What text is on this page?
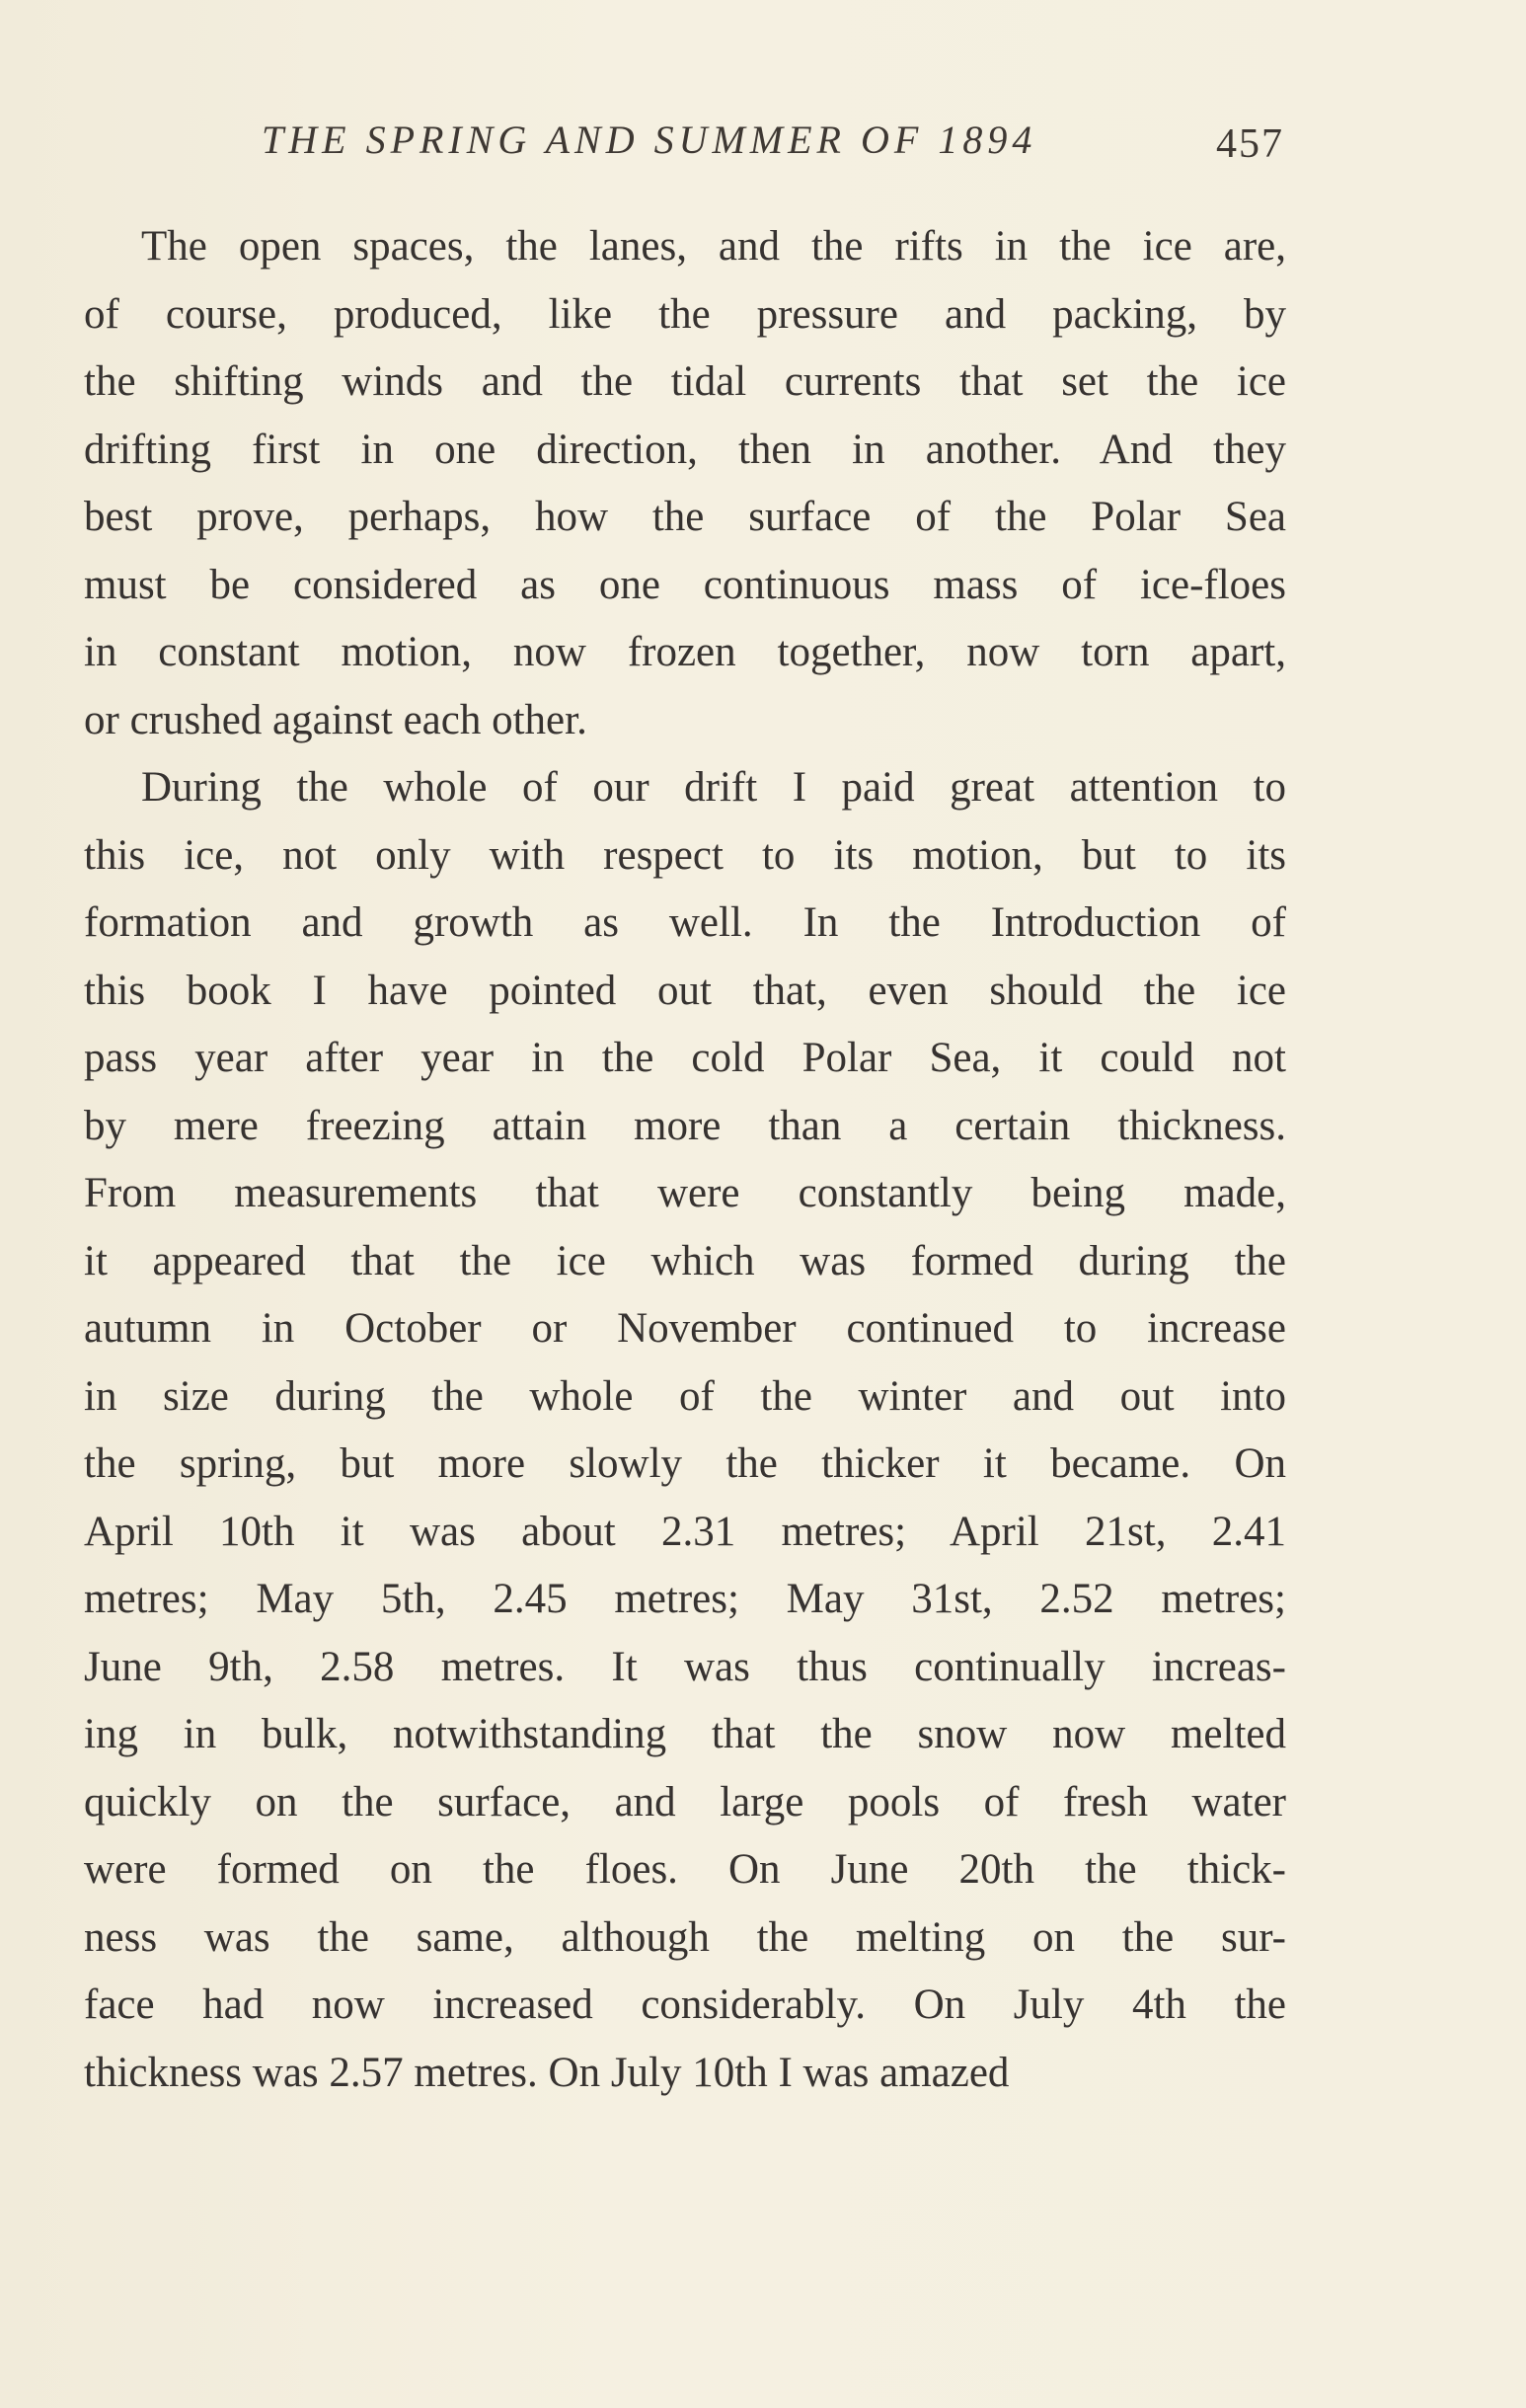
THE SPRING AND SUMMER OF 1894	457
The open spaces, the lanes, and the rifts in the ice are,
of course, produced, like the pressure and packing, by
the shifting winds and the tidal currents that set the ice
drifting first in one direction, then in another. And they
best prove, perhaps, how the surface of the Polar Sea
must be considered as one continuous mass of ice-floes
in constant motion, now frozen together, now torn apart,
or crushed against each other.
During the whole of our drift I paid great attention to
this ice, not only with respect to its motion, but to its
formation and growth as well. In the Introduction of
this book I have pointed out that, even should the ice
pass year after year in the cold Polar Sea, it could not
by mere freezing attain more than a certain thickness.
From measurements that were constantly being made,
it appeared that the ice which was formed during the
autumn in October or November continued to increase
in size during the whole of the winter and out into
the spring, but more slowly the thicker it became. On
April 10th it was about 2.31 metres; April 21st, 2.41
metres; May 5th, 2.45 metres; May 31st, 2.52 metres;
June 9th, 2.58 metres. It was thus continually increas-
ing in bulk, notwithstanding that the snow now melted
quickly on the surface, and large pools of fresh water
were formed on the floes. On June 20th the thick-
ness was the same, although the melting on the sur-
face had now increased considerably. On July 4th the
thickness was 2.57 metres. On July 10th I was amazed
